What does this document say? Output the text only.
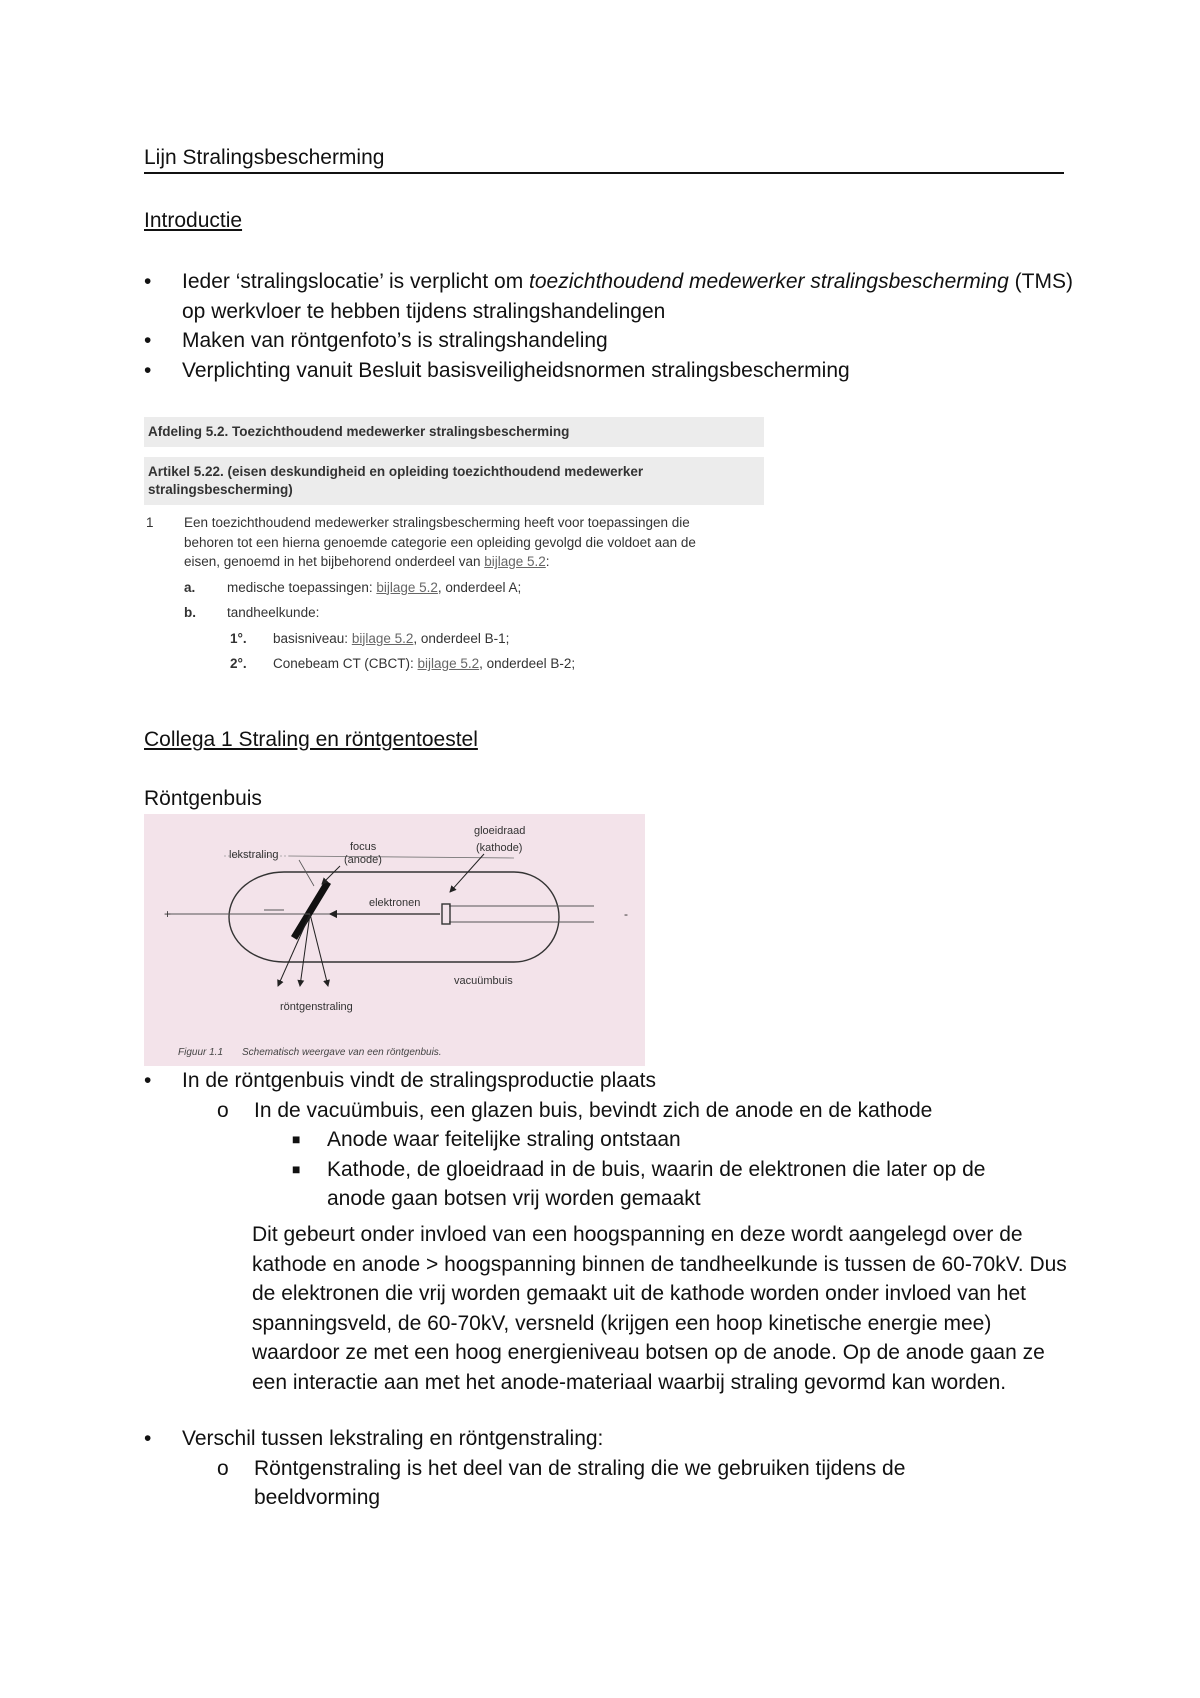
Lijn Stralingsbescherming
Introductie
• Ieder ‘stralingslocatie’ is verplicht om toezichthoudend medewerker stralingsbescherming (TMS) op werkvloer te hebben tijdens stralingshandelingen
• Maken van röntgenfoto’s is stralingshandeling
• Verplichting vanuit Besluit basisveiligheidsnormen stralingsbescherming
Afdeling 5.2. Toezichthoudend medewerker stralingsbescherming
Artikel 5.22. (eisen deskundigheid en opleiding toezichthoudend medewerker stralingsbescherming)
1 Een toezichthoudend medewerker stralingsbescherming heeft voor toepassingen die behoren tot een hierna genoemde categorie een opleiding gevolgd die voldoet aan de eisen, genoemd in het bijbehorend onderdeel van bijlage 5.2:
a. medische toepassingen: bijlage 5.2, onderdeel A;
b. tandheelkunde:
1°. basisniveau: bijlage 5.2, onderdeel B-1;
2°. Conebeam CT (CBCT): bijlage 5.2, onderdeel B-2;
Collega 1 Straling en röntgentoestel
Röntgenbuis
lekstraling
focus
(anode)
gloeidraad
(kathode)
elektronen
vacuümbuis
röntgenstraling
+	-
Figuur 1.1 Schematisch weergave van een röntgenbuis.
• In de röntgenbuis vindt de stralingsproductie plaats
o In de vacuümbuis, een glazen buis, bevindt zich de anode en de kathode
■ Anode waar feitelijke straling ontstaan
■ Kathode, de gloeidraad in de buis, waarin de elektronen die later op de anode gaan botsen vrij worden gemaakt
Dit gebeurt onder invloed van een hoogspanning en deze wordt aangelegd over de kathode en anode > hoogspanning binnen de tandheelkunde is tussen de 60-70kV. Dus de elektronen die vrij worden gemaakt uit de kathode worden onder invloed van het spanningsveld, de 60-70kV, versneld (krijgen een hoop kinetische energie mee) waardoor ze met een hoog energieniveau botsen op de anode. Op de anode gaan ze een interactie aan met het anode-materiaal waarbij straling gevormd kan worden.
• Verschil tussen lekstraling en röntgenstraling:
o Röntgenstraling is het deel van de straling die we gebruiken tijdens de beeldvorming
